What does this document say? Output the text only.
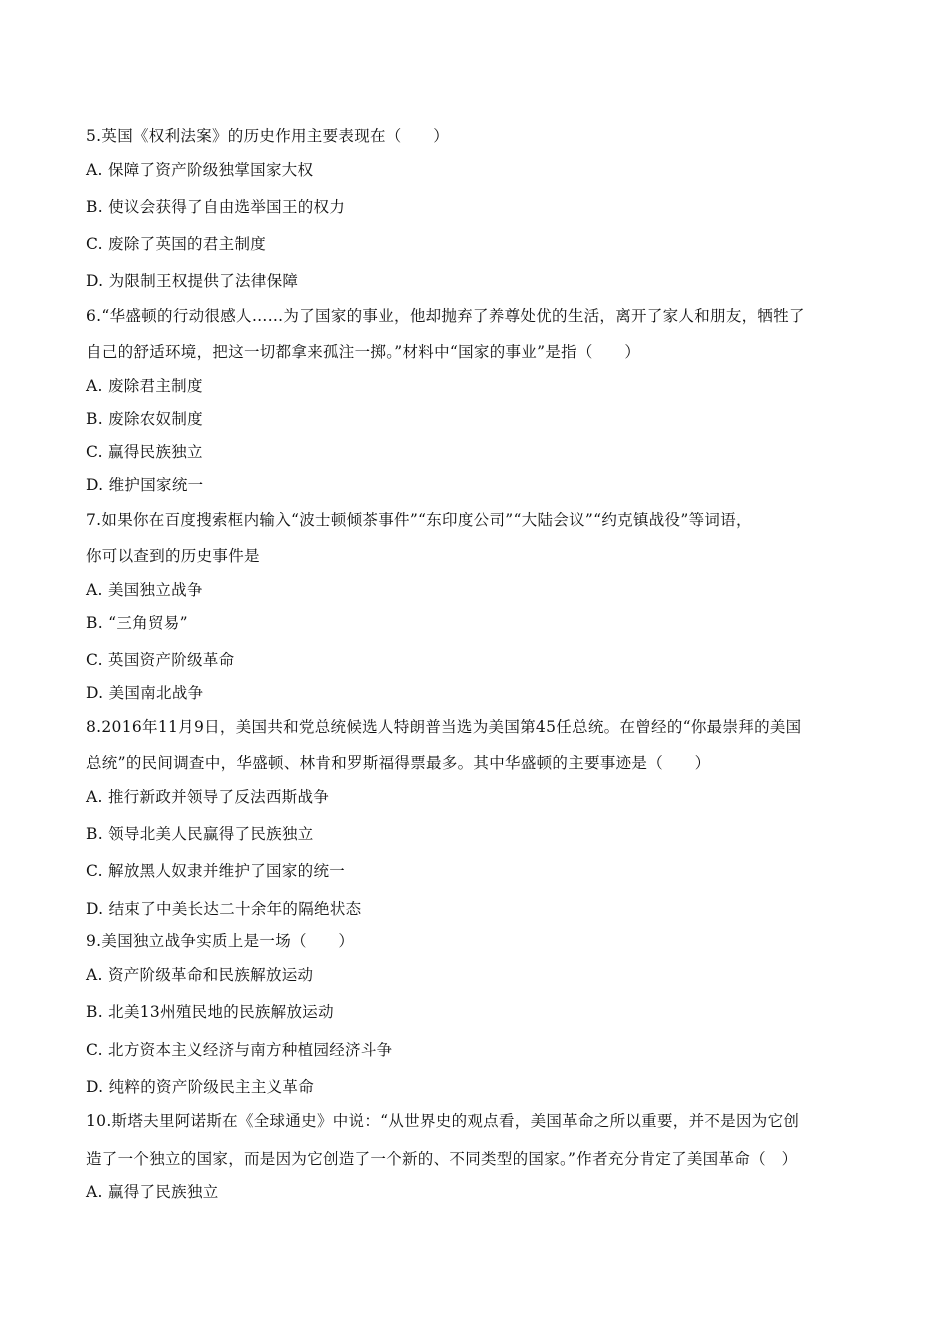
5.英国《权利法案》的历史作用主要表现在（　　）
A. 保障了资产阶级独掌国家大权
B. 使议会获得了自由选举国王的权力
C. 废除了英国的君主制度
D. 为限制王权提供了法律保障
6.“华盛顿的行动很感人……为了国家的事业，他却抛弃了养尊处优的生活，离开了家人和朋友，牺牲了
自己的舒适环境，把这一切都拿来孤注一掷。”材料中“国家的事业”是指（　　）
A. 废除君主制度
B. 废除农奴制度
C. 赢得民族独立
D. 维护国家统一
7.如果你在百度搜索框内输入“波士顿倾茶事件”“东印度公司”“大陆会议”“约克镇战役”等词语，
你可以查到的历史事件是
A. 美国独立战争
B. “三角贸易”
C. 英国资产阶级革命
D. 美国南北战争
8.2016年11月9日，美国共和党总统候选人特朗普当选为美国第45任总统。在曾经的“你最崇拜的美国
总统”的民间调查中，华盛顿、林肯和罗斯福得票最多。其中华盛顿的主要事迹是（　　）
A. 推行新政并领导了反法西斯战争
B. 领导北美人民赢得了民族独立
C. 解放黑人奴隶并维护了国家的统一
D. 结束了中美长达二十余年的隔绝状态
9.美国独立战争实质上是一场（　　）
A. 资产阶级革命和民族解放运动
B. 北美13州殖民地的民族解放运动
C. 北方资本主义经济与南方种植园经济斗争
D. 纯粹的资产阶级民主主义革命
10.斯塔夫里阿诺斯在《全球通史》中说：“从世界史的观点看，美国革命之所以重要，并不是因为它创
造了一个独立的国家，而是因为它创造了一个新的、不同类型的国家。”作者充分肯定了美国革命（　）
A. 赢得了民族独立
